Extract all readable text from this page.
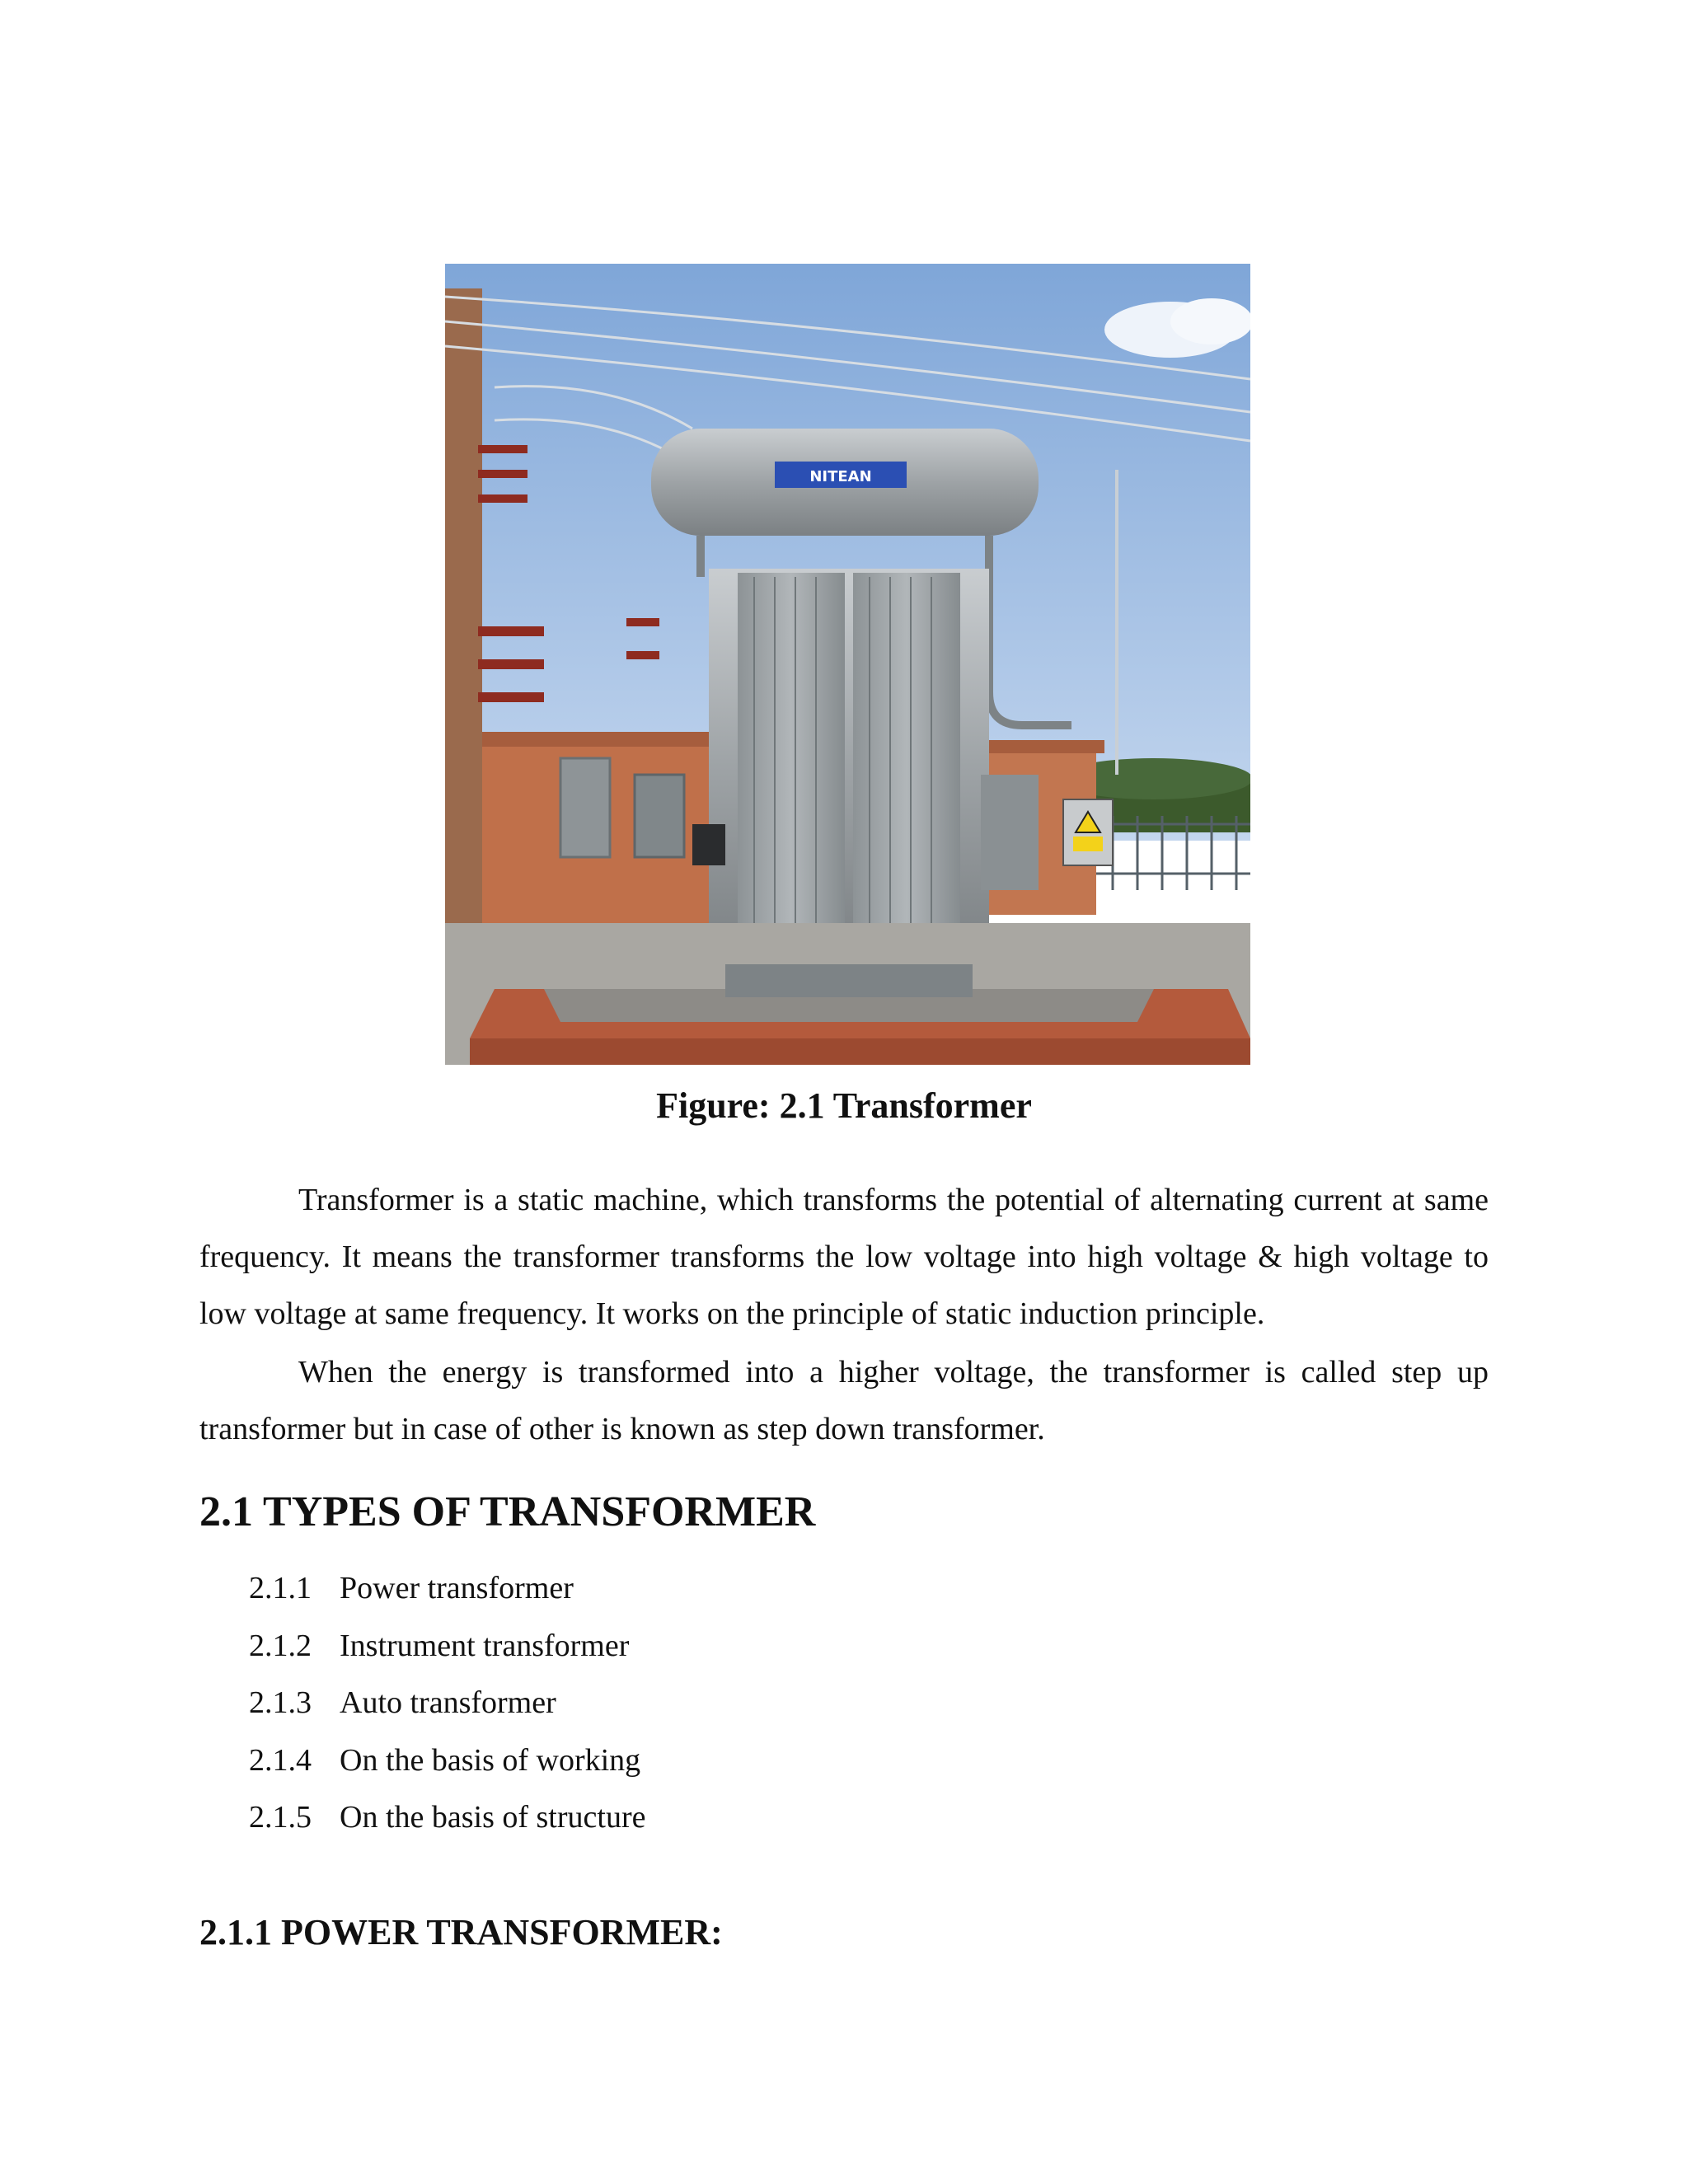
NITEAN
Figure: 2.1 Transformer

Transformer is a static machine, which transforms the potential of alternating current at same frequency. It means the transformer transforms the low voltage into high voltage & high voltage to low voltage at same frequency. It works on the principle of static induction principle.

When the energy is transformed into a higher voltage, the transformer is called step up transformer but in case of other is known as step down transformer.

2.1 TYPES OF TRANSFORMER
2.1.1 Power transformer
2.1.2 Instrument transformer
2.1.3 Auto transformer
2.1.4 On the basis of working
2.1.5 On the basis of structure
2.1.1 POWER TRANSFORMER:
